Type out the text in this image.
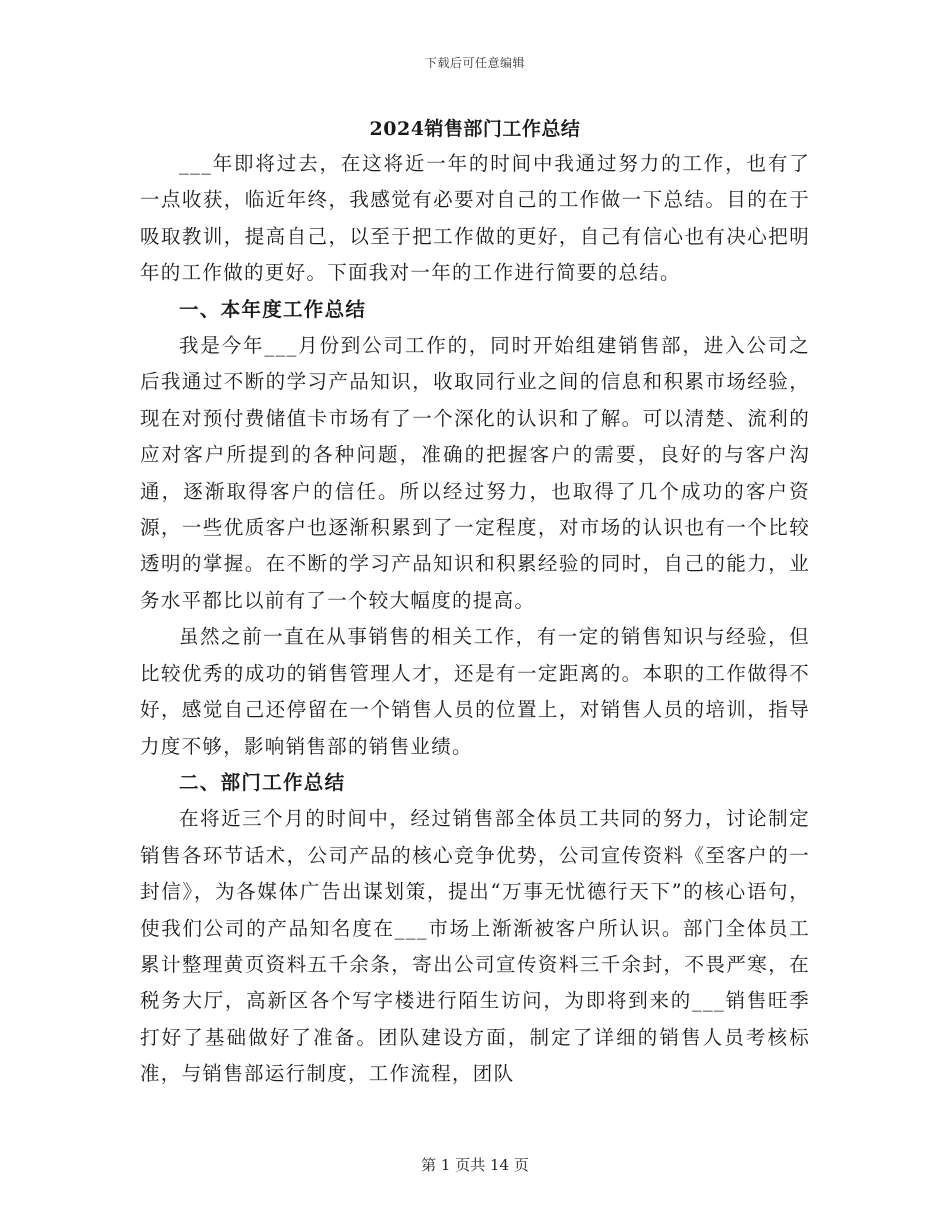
下载后可任意编辑
2024销售部门工作总结

___年即将过去，在这将近一年的时间中我通过努力的工作，也有了一点收获，临近年终，我感觉有必要对自己的工作做一下总结。目的在于吸取教训，提高自己，以至于把工作做的更好，自己有信心也有决心把明年的工作做的更好。下面我对一年的工作进行简要的总结。

一、本年度工作总结

我是今年___月份到公司工作的，同时开始组建销售部，进入公司之后我通过不断的学习产品知识，收取同行业之间的信息和积累市场经验，现在对预付费储值卡市场有了一个深化的认识和了解。可以清楚、流利的应对客户所提到的各种问题，准确的把握客户的需要，良好的与客户沟通，逐渐取得客户的信任。所以经过努力，也取得了几个成功的客户资源，一些优质客户也逐渐积累到了一定程度，对市场的认识也有一个比较透明的掌握。在不断的学习产品知识和积累经验的同时，自己的能力，业务水平都比以前有了一个较大幅度的提高。

虽然之前一直在从事销售的相关工作，有一定的销售知识与经验，但比较优秀的成功的销售管理人才，还是有一定距离的。本职的工作做得不好，感觉自己还停留在一个销售人员的位置上，对销售人员的培训，指导力度不够，影响销售部的销售业绩。

二、部门工作总结

在将近三个月的时间中，经过销售部全体员工共同的努力，讨论制定销售各环节话术，公司产品的核心竞争优势，公司宣传资料《至客户的一封信》，为各媒体广告出谋划策，提出“万事无忧德行天下”的核心语句，使我们公司的产品知名度在___市场上渐渐被客户所认识。部门全体员工累计整理黄页资料五千余条，寄出公司宣传资料三千余封，不畏严寒，在税务大厅，高新区各个写字楼进行陌生访问，为即将到来的___销售旺季打好了基础做好了准备。团队建设方面，制定了详细的销售人员考核标准，与销售部运行制度，工作流程，团队

第 1 页共 14 页
